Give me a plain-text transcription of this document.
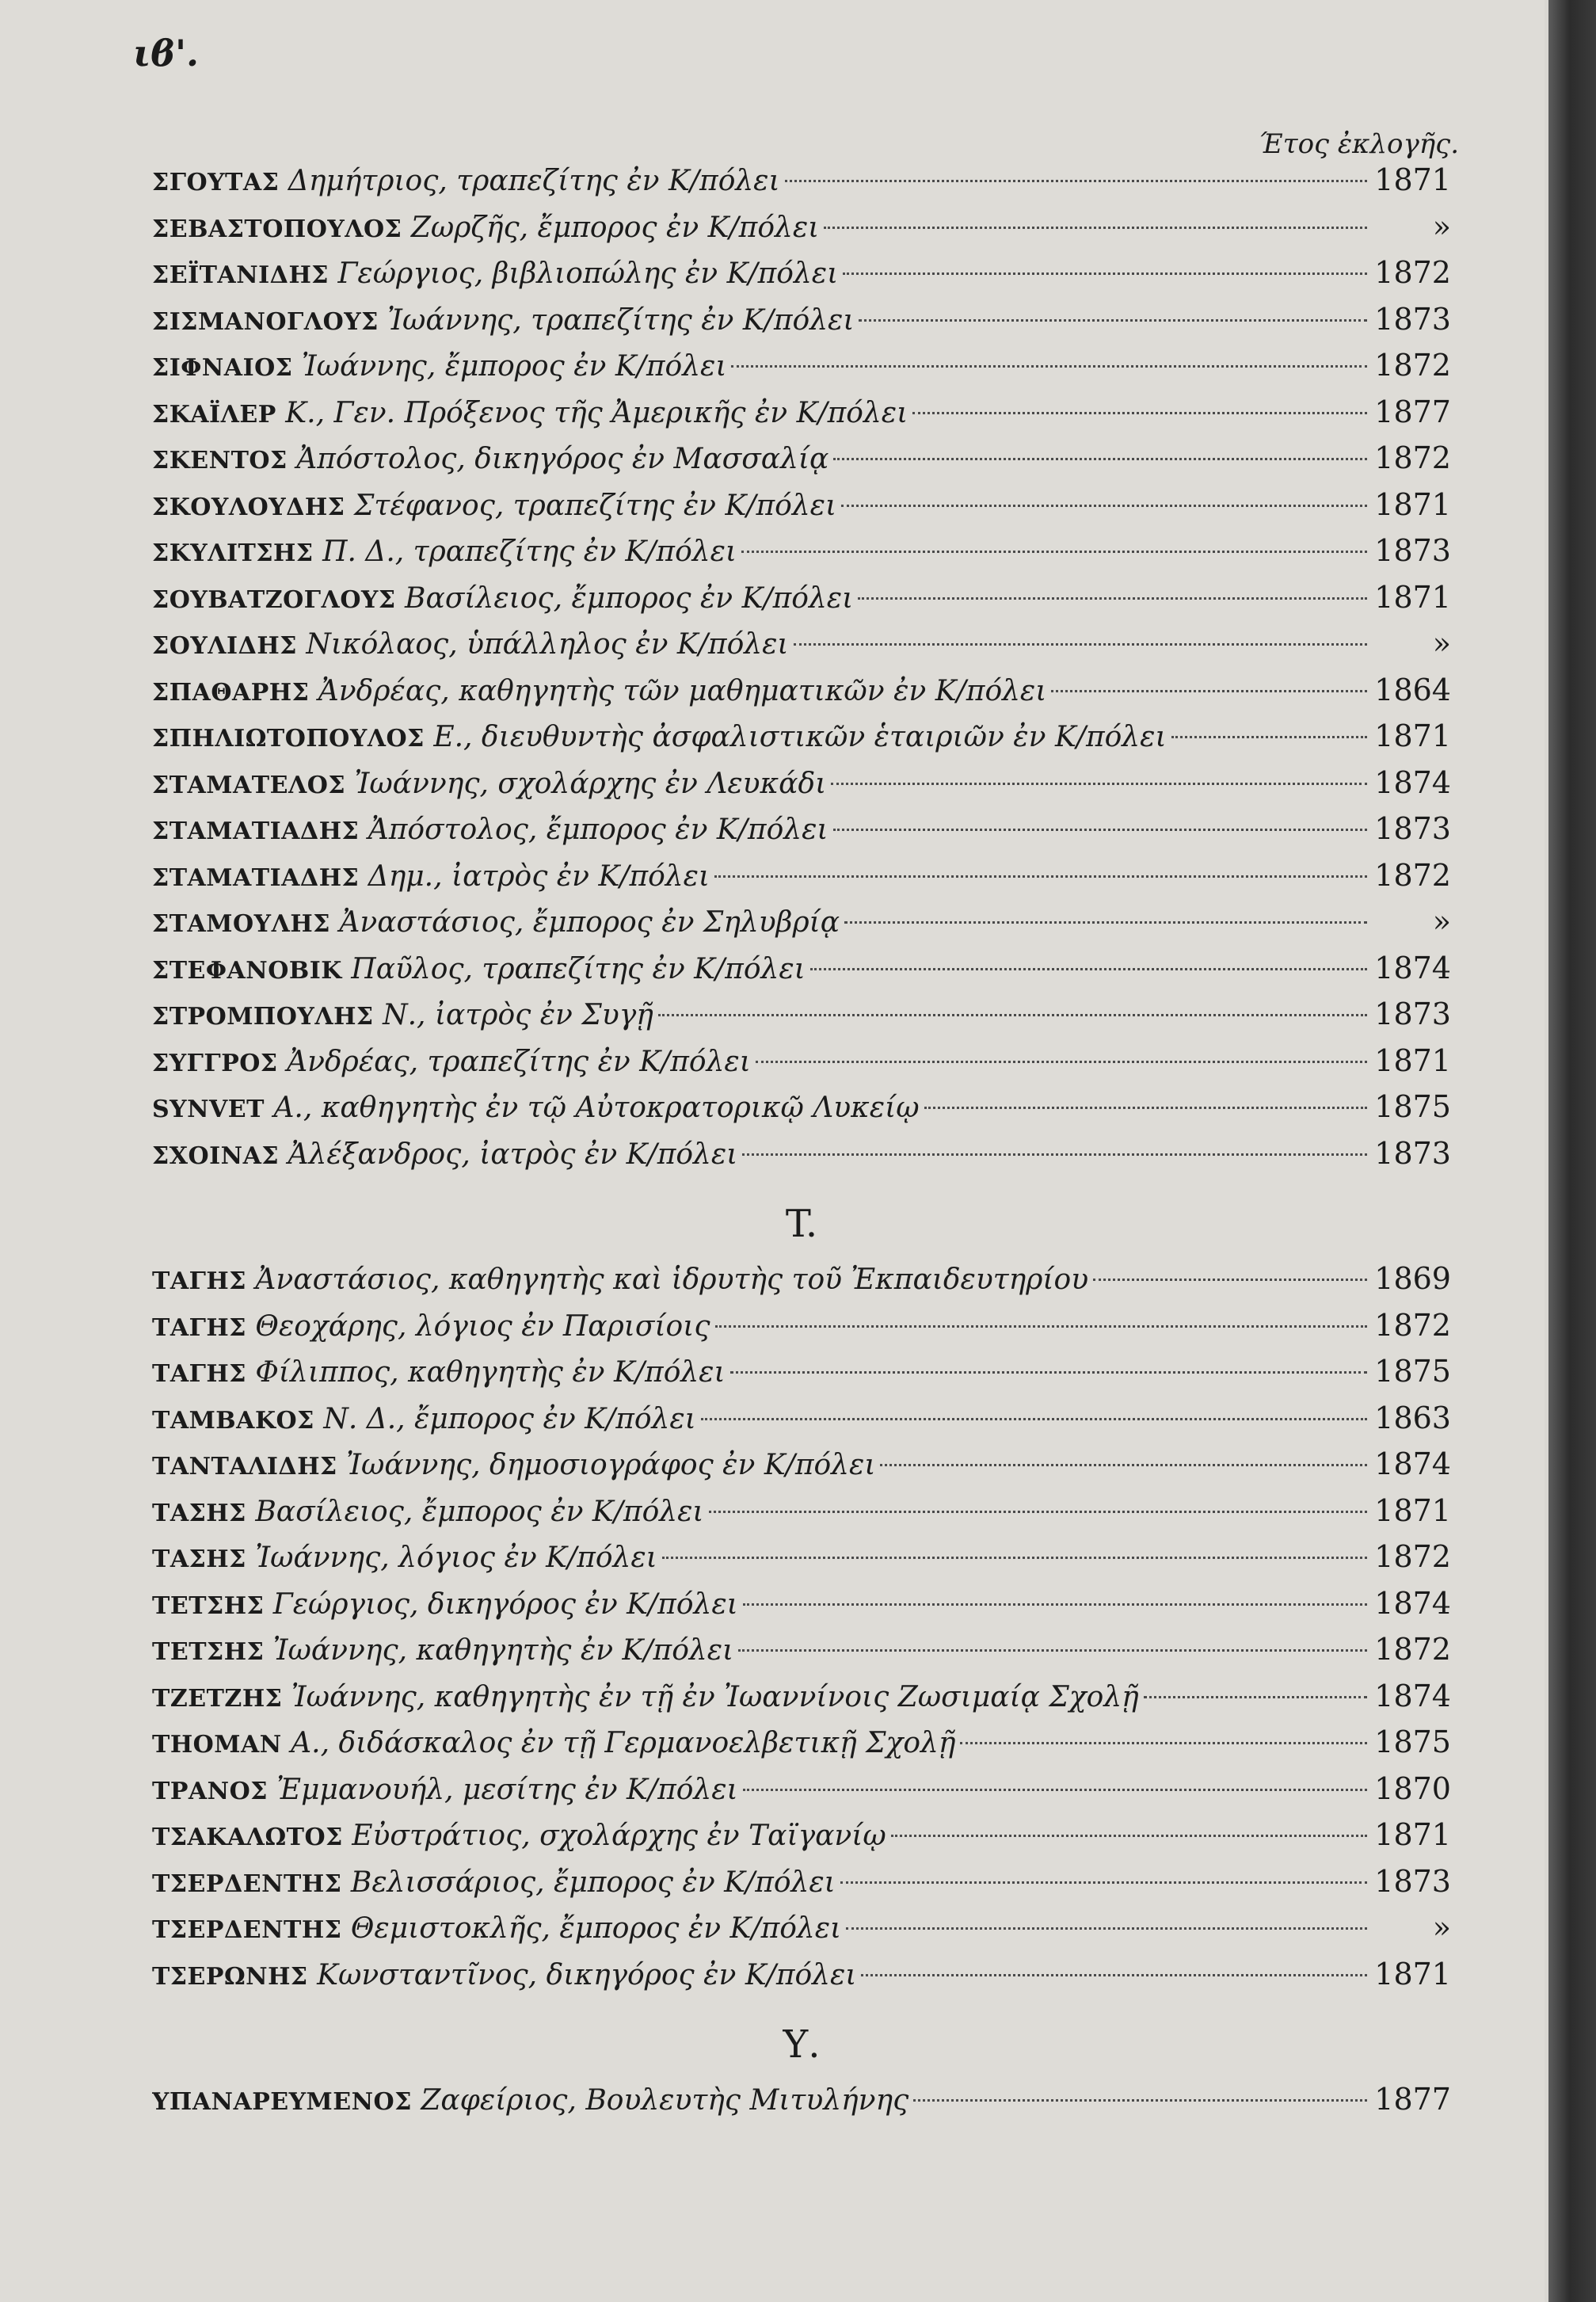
ιϐ'.
Έτος ἐκλογῆς.
ΣΓΟΥΤΑΣ
Δημήτριος, τραπεζίτης ἐν Κ/πόλει	1871
ΣΕΒΑΣΤΟΠΟΥΛΟΣ
Ζωρζῆς, ἔμπορος ἐν Κ/πόλει	»
ΣΕΪΤΑΝΙΔΗΣ
Γεώργιος, βιβλιοπώλης ἐν Κ/πόλει	1872
ΣΙΣΜΑΝΟΓΛΟΥΣ
Ἰωάννης, τραπεζίτης ἐν Κ/πόλει	1873
ΣΙΦΝΑΙΟΣ
Ἰωάννης, ἔμπορος ἐν Κ/πόλει	1872
ΣΚΑΪΛΕΡ
Κ., Γεν. Πρόξενος τῆς Ἀμερικῆς ἐν Κ/πόλει	1877
ΣΚΕΝΤΟΣ
Ἀπόστολος, δικηγόρος ἐν Μασσαλίᾳ	1872
ΣΚΟΥΛΟΥΔΗΣ
Στέφανος, τραπεζίτης ἐν Κ/πόλει	1871
ΣΚΥΛΙΤΣΗΣ
Π. Δ., τραπεζίτης ἐν Κ/πόλει	1873
ΣΟΥΒΑΤΖΟΓΛΟΥΣ
Βασίλειος, ἔμπορος ἐν Κ/πόλει	1871
ΣΟΥΛΙΔΗΣ
Νικόλαος, ὑπάλληλος ἐν Κ/πόλει	»
ΣΠΑΘΑΡΗΣ
Ἀνδρέας, καθηγητὴς τῶν μαθηματικῶν ἐν Κ/πόλει	1864
ΣΠΗΛΙΩΤΟΠΟΥΛΟΣ
Ε., διευθυντὴς ἀσφαλιστικῶν ἑταιριῶν ἐν Κ/πόλει	1871
ΣΤΑΜΑΤΕΛΟΣ
Ἰωάννης, σχολάρχης ἐν Λευκάδι	1874
ΣΤΑΜΑΤΙΑΔΗΣ
Ἀπόστολος, ἔμπορος ἐν Κ/πόλει	1873
ΣΤΑΜΑΤΙΑΔΗΣ
Δημ., ἰατρὸς ἐν Κ/πόλει	1872
ΣΤΑΜΟΥΛΗΣ
Ἀναστάσιος, ἔμπορος ἐν Σηλυβρίᾳ	»
ΣΤΕΦΑΝΟΒΙΚ
Παῦλος, τραπεζίτης ἐν Κ/πόλει	1874
ΣΤΡΟΜΠΟΥΛΗΣ
Ν., ἰατρὸς ἐν Συγῇ	1873
ΣΥΓΓΡΟΣ
Ἀνδρέας, τραπεζίτης ἐν Κ/πόλει	1871
SYNVET
A., καθηγητὴς ἐν τῷ Αὐτοκρατορικῷ Λυκείῳ	1875
ΣΧΟΙΝΑΣ
Ἀλέξανδρος, ἰατρὸς ἐν Κ/πόλει	1873
T.
ΤΑΓΗΣ
Ἀναστάσιος, καθηγητὴς καὶ ἱδρυτὴς τοῦ Ἐκπαιδευτηρίου	1869
ΤΑΓΗΣ
Θεοχάρης, λόγιος ἐν Παρισίοις	1872
ΤΑΓΗΣ
Φίλιππος, καθηγητὴς ἐν Κ/πόλει	1875
ΤΑΜΒΑΚΟΣ
Ν. Δ., ἔμπορος ἐν Κ/πόλει	1863
ΤΑΝΤΑΛΙΔΗΣ
Ἰωάννης, δημοσιογράφος ἐν Κ/πόλει	1874
ΤΑΣΗΣ
Βασίλειος, ἔμπορος ἐν Κ/πόλει	1871
ΤΑΣΗΣ
Ἰωάννης, λόγιος ἐν Κ/πόλει	1872
ΤΕΤΣΗΣ
Γεώργιος, δικηγόρος ἐν Κ/πόλει	1874
ΤΕΤΣΗΣ
Ἰωάννης, καθηγητὴς ἐν Κ/πόλει	1872
ΤΖΕΤΖΗΣ
Ἰωάννης, καθηγητὴς ἐν τῇ ἐν Ἰωαννίνοις Ζωσιμαίᾳ Σχολῇ	1874
THOMAN
A., διδάσκαλος ἐν τῇ Γερμανοελβετικῇ Σχολῇ	1875
ΤΡΑΝΟΣ
Ἐμμανουήλ, μεσίτης ἐν Κ/πόλει	1870
ΤΣΑΚΑΛΩΤΟΣ
Εὐστράτιος, σχολάρχης ἐν Ταϊγανίῳ	1871
ΤΣΕΡΔΕΝΤΗΣ
Βελισσάριος, ἔμπορος ἐν Κ/πόλει	1873
ΤΣΕΡΔΕΝΤΗΣ
Θεμιστοκλῆς, ἔμπορος ἐν Κ/πόλει	»
ΤΣΕΡΩΝΗΣ
Κωνσταντῖνος, δικηγόρος ἐν Κ/πόλει	1871
Υ.
ΥΠΑΝΑΡΕΥΜΕΝΟΣ
Ζαφείριος, Βουλευτὴς Μιτυλήνης	1877
